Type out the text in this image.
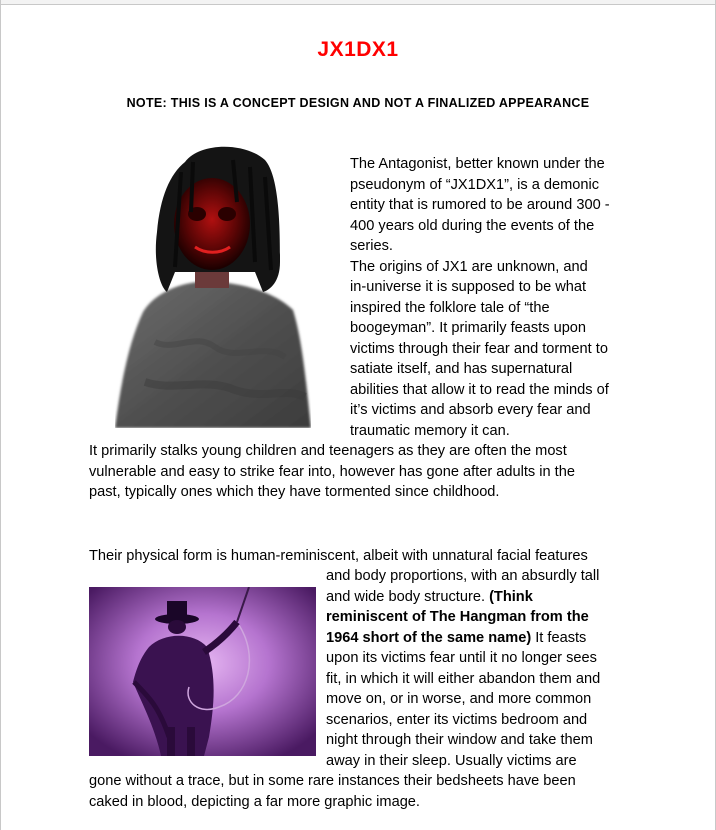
JX1DX1
NOTE: THIS IS A CONCEPT DESIGN AND NOT A FINALIZED APPEARANCE
The Antagonist, better known under the
pseudonym of “JX1DX1”, is a demonic
entity that is rumored to be around 300 -
400 years old during the events of the
series.
The origins of JX1 are unknown, and
in-universe it is supposed to be what
inspired the folklore tale of “the
boogeyman”. It primarily feasts upon
victims through their fear and torment to
satiate itself, and has supernatural
abilities that allow it to read the minds of
it’s victims and absorb every fear and
traumatic memory it can.
It primarily stalks young children and teenagers as they are often the most
vulnerable and easy to strike fear into, however has gone after adults in the
past, typically ones which they have tormented since childhood.
Their physical form is human-reminiscent, albeit with unnatural facial features
and body proportions, with an absurdly tall
and wide body structure. (Think
reminiscent of The Hangman from the
1964 short of the same name) It feasts
upon its victims fear until it no longer sees
fit, in which it will either abandon them and
move on, or in worse, and more common
scenarios, enter its victims bedroom and
night through their window and take them
away in their sleep. Usually victims are
gone without a trace, but in some rare instances their bedsheets have been
caked in blood, depicting a far more graphic image.
